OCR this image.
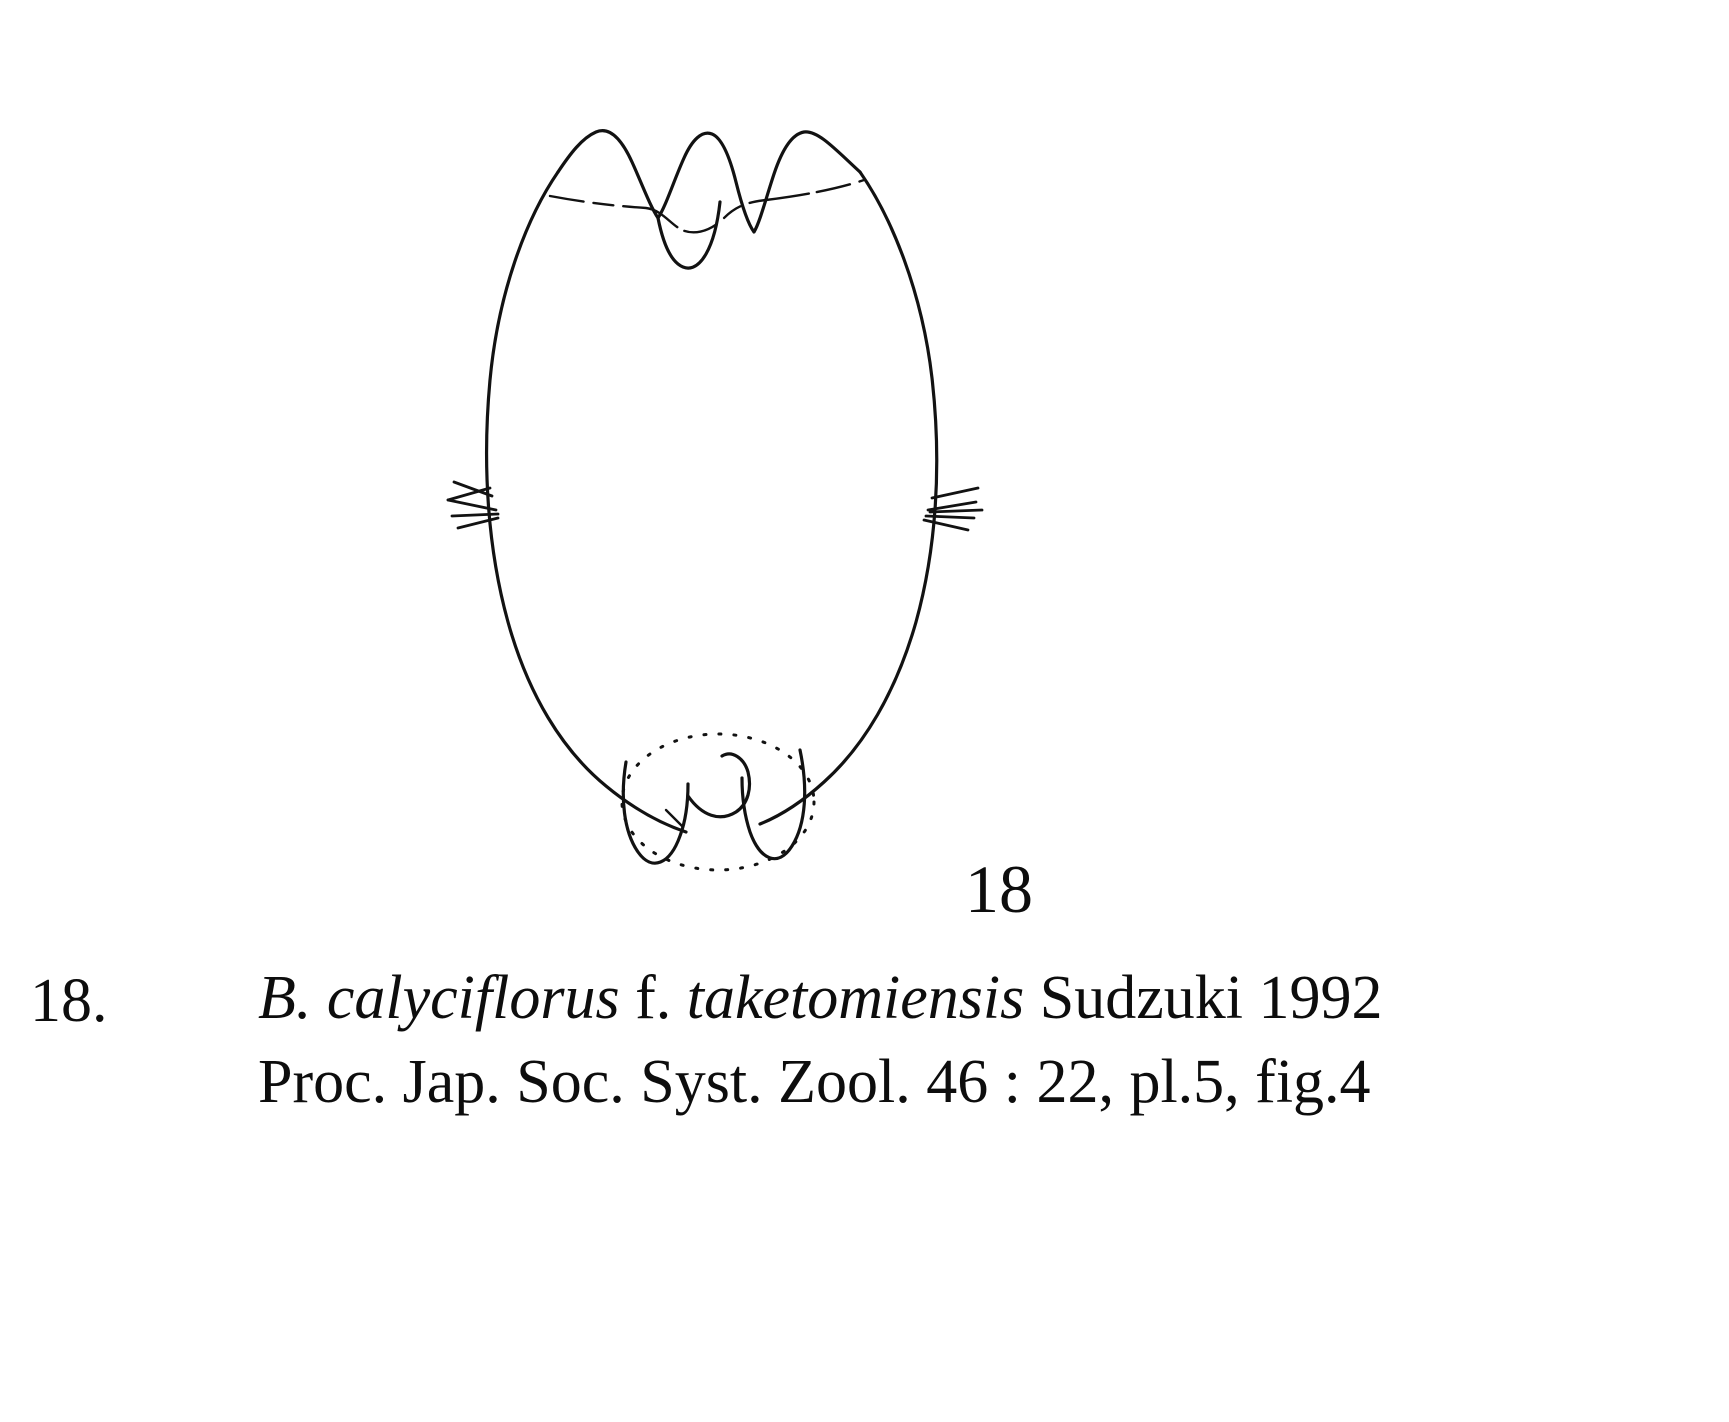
18
18. B. calyciflorus f. taketomiensis Sudzuki 1992
Proc. Jap. Soc. Syst. Zool. 46 : 22, pl.5, fig.4
